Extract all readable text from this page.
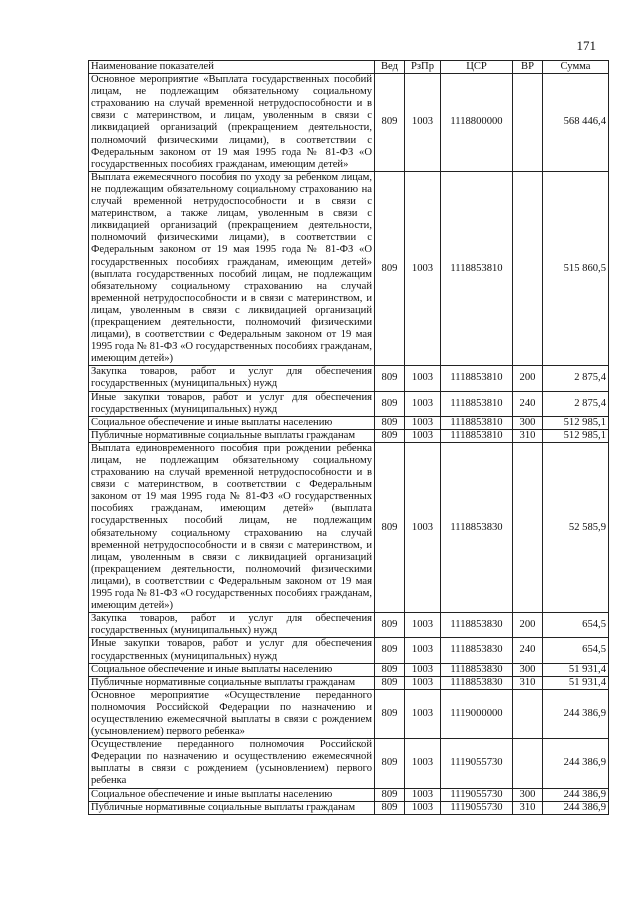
171
Наименование показателей	Вед	РзПр	ЦСР	ВР	Сумма
Основное мероприятие «Выплата государственных пособий лицам, не подлежащим обязательному социальному страхованию на случай временной нетрудоспособности и в связи с материнством, и лицам, уволенным в связи с ликвидацией организаций (прекращением деятельности, полномочий физическими лицами), в соответствии с Федеральным законом от 19 мая 1995 года № 81-ФЗ «О государственных пособиях гражданам, имеющим детей»	809	1003	1118800000		568 446,4
Выплата ежемесячного пособия по уходу за ребенком лицам, не подлежащим обязательному социальному страхованию на случай временной нетрудоспособности и в связи с материнством, а также лицам, уволенным в связи с ликвидацией организаций (прекращением деятельности, полномочий физическими лицами), в соответствии с Федеральным законом от 19 мая 1995 года № 81-ФЗ «О государственных пособиях гражданам, имеющим детей» (выплата государственных пособий лицам, не подлежащим обязательному социальному страхованию на случай временной нетрудоспособности и в связи с материнством, и лицам, уволенным в связи с ликвидацией организаций (прекращением деятельности, полномочий физическими лицами), в соответствии с Федеральным законом от 19 мая 1995 года № 81-ФЗ «О государственных пособиях гражданам, имеющим детей»)	809	1003	1118853810		515 860,5
Закупка товаров, работ и услуг для обеспечения государственных (муниципальных) нужд	809	1003	1118853810	200	2 875,4
Иные закупки товаров, работ и услуг для обеспечения государственных (муниципальных) нужд	809	1003	1118853810	240	2 875,4
Социальное обеспечение и иные выплаты населению	809	1003	1118853810	300	512 985,1
Публичные нормативные социальные выплаты гражданам	809	1003	1118853810	310	512 985,1
Выплата единовременного пособия при рождении ребенка лицам, не подлежащим обязательному социальному страхованию на случай временной нетрудоспособности и в связи с материнством, в соответствии с Федеральным законом от 19 мая 1995 года № 81-ФЗ «О государственных пособиях гражданам, имеющим детей» (выплата государственных пособий лицам, не подлежащим обязательному социальному страхованию на случай временной нетрудоспособности и в связи с материнством, и лицам, уволенным в связи с ликвидацией организаций (прекращением деятельности, полномочий физическими лицами), в соответствии с Федеральным законом от 19 мая 1995 года № 81-ФЗ «О государственных пособиях гражданам, имеющим детей»)	809	1003	1118853830		52 585,9
Закупка товаров, работ и услуг для обеспечения государственных (муниципальных) нужд	809	1003	1118853830	200	654,5
Иные закупки товаров, работ и услуг для обеспечения государственных (муниципальных) нужд	809	1003	1118853830	240	654,5
Социальное обеспечение и иные выплаты населению	809	1003	1118853830	300	51 931,4
Публичные нормативные социальные выплаты гражданам	809	1003	1118853830	310	51 931,4
Основное мероприятие «Осуществление переданного полномочия Российской Федерации по назначению и осуществлению ежемесячной выплаты в связи с рождением (усыновлением) первого ребенка»	809	1003	1119000000		244 386,9
Осуществление переданного полномочия Российской Федерации по назначению и осуществлению ежемесячной выплаты в связи с рождением (усыновлением) первого ребенка	809	1003	1119055730		244 386,9
Социальное обеспечение и иные выплаты населению	809	1003	1119055730	300	244 386,9
Публичные нормативные социальные выплаты гражданам	809	1003	1119055730	310	244 386,9
